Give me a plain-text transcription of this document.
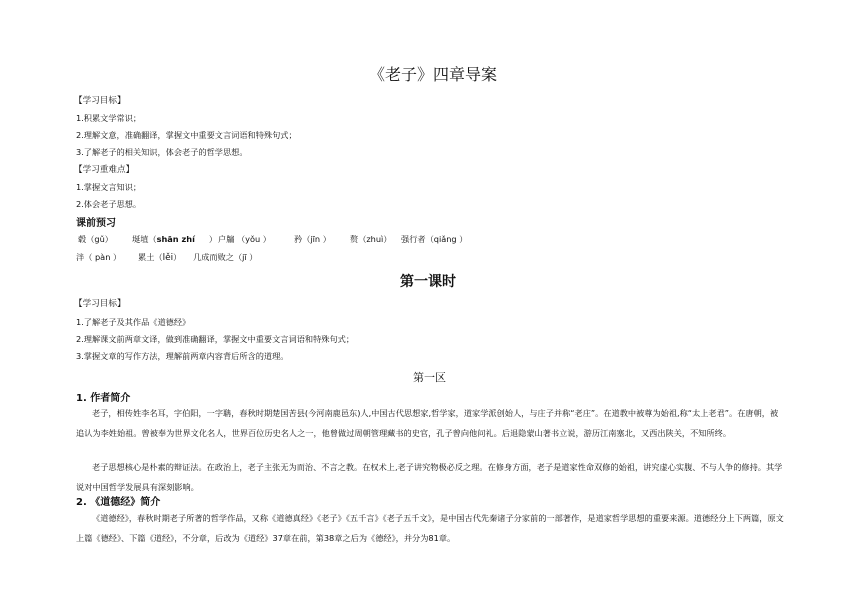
《老子》四章导案
【学习目标】
1.积累文学常识；
2.理解文意，准确翻译，掌握文中重要文言词语和特殊句式；
3.了解老子的相关知识，体会老子的哲学思想。
【学习重难点】
1.掌握文言知识；
2.体会老子思想。
课前预习
毂（gǔ） 埏埴（shān zhí ） 户牖 （yǒu ）	矜（jīn ） 赘（zhuì） 强行者（qiǎng ）
泮（ pàn ） 累土（lěi） 几成而败之（jī ）
第一课时
【学习目标】
1.了解老子及其作品《道德经》
2.理解课文前两章文译，做到准确翻译，掌握文中重要文言词语和特殊句式；
3.掌握文章的写作方法，理解前两章内容背后所含的道理。
第一区
1. 作者简介
老子，相传姓李名耳，字伯阳，一字聃，春秋时期楚国苦县(今河南鹿邑东)人,中国古代思想家,哲学家，道家学派创始人，与庄子并称“老庄”。在道教中被尊为始祖,称“太上老君”。在唐朝，被追认为李姓始祖。曾被奉为世界文化名人，世界百位历史名人之一，他曾做过周朝管理藏书的史官，孔子曾向他问礼。后退隐蒙山著书立说，游历江南塞北，又西出陕关，不知所终。
老子思想核心是朴素的辩证法。在政治上，老子主张无为而治、不言之教。在权术上,老子讲究物极必反之理。在修身方面，老子是道家性命双修的始祖，讲究虚心实腹、不与人争的修持。其学说对中国哲学发展具有深刻影响。
2. 《道德经》简介
《道德经》，春秋时期老子所著的哲学作品，又称《道德真经》《老子》《五千言》《老子五千文》，是中国古代先秦诸子分家前的一部著作，是道家哲学思想的重要来源。道德经分上下两篇，原文上篇《德经》、下篇《道经》，不分章，后改为《道经》37章在前，第38章之后为《德经》，并分为81章。
